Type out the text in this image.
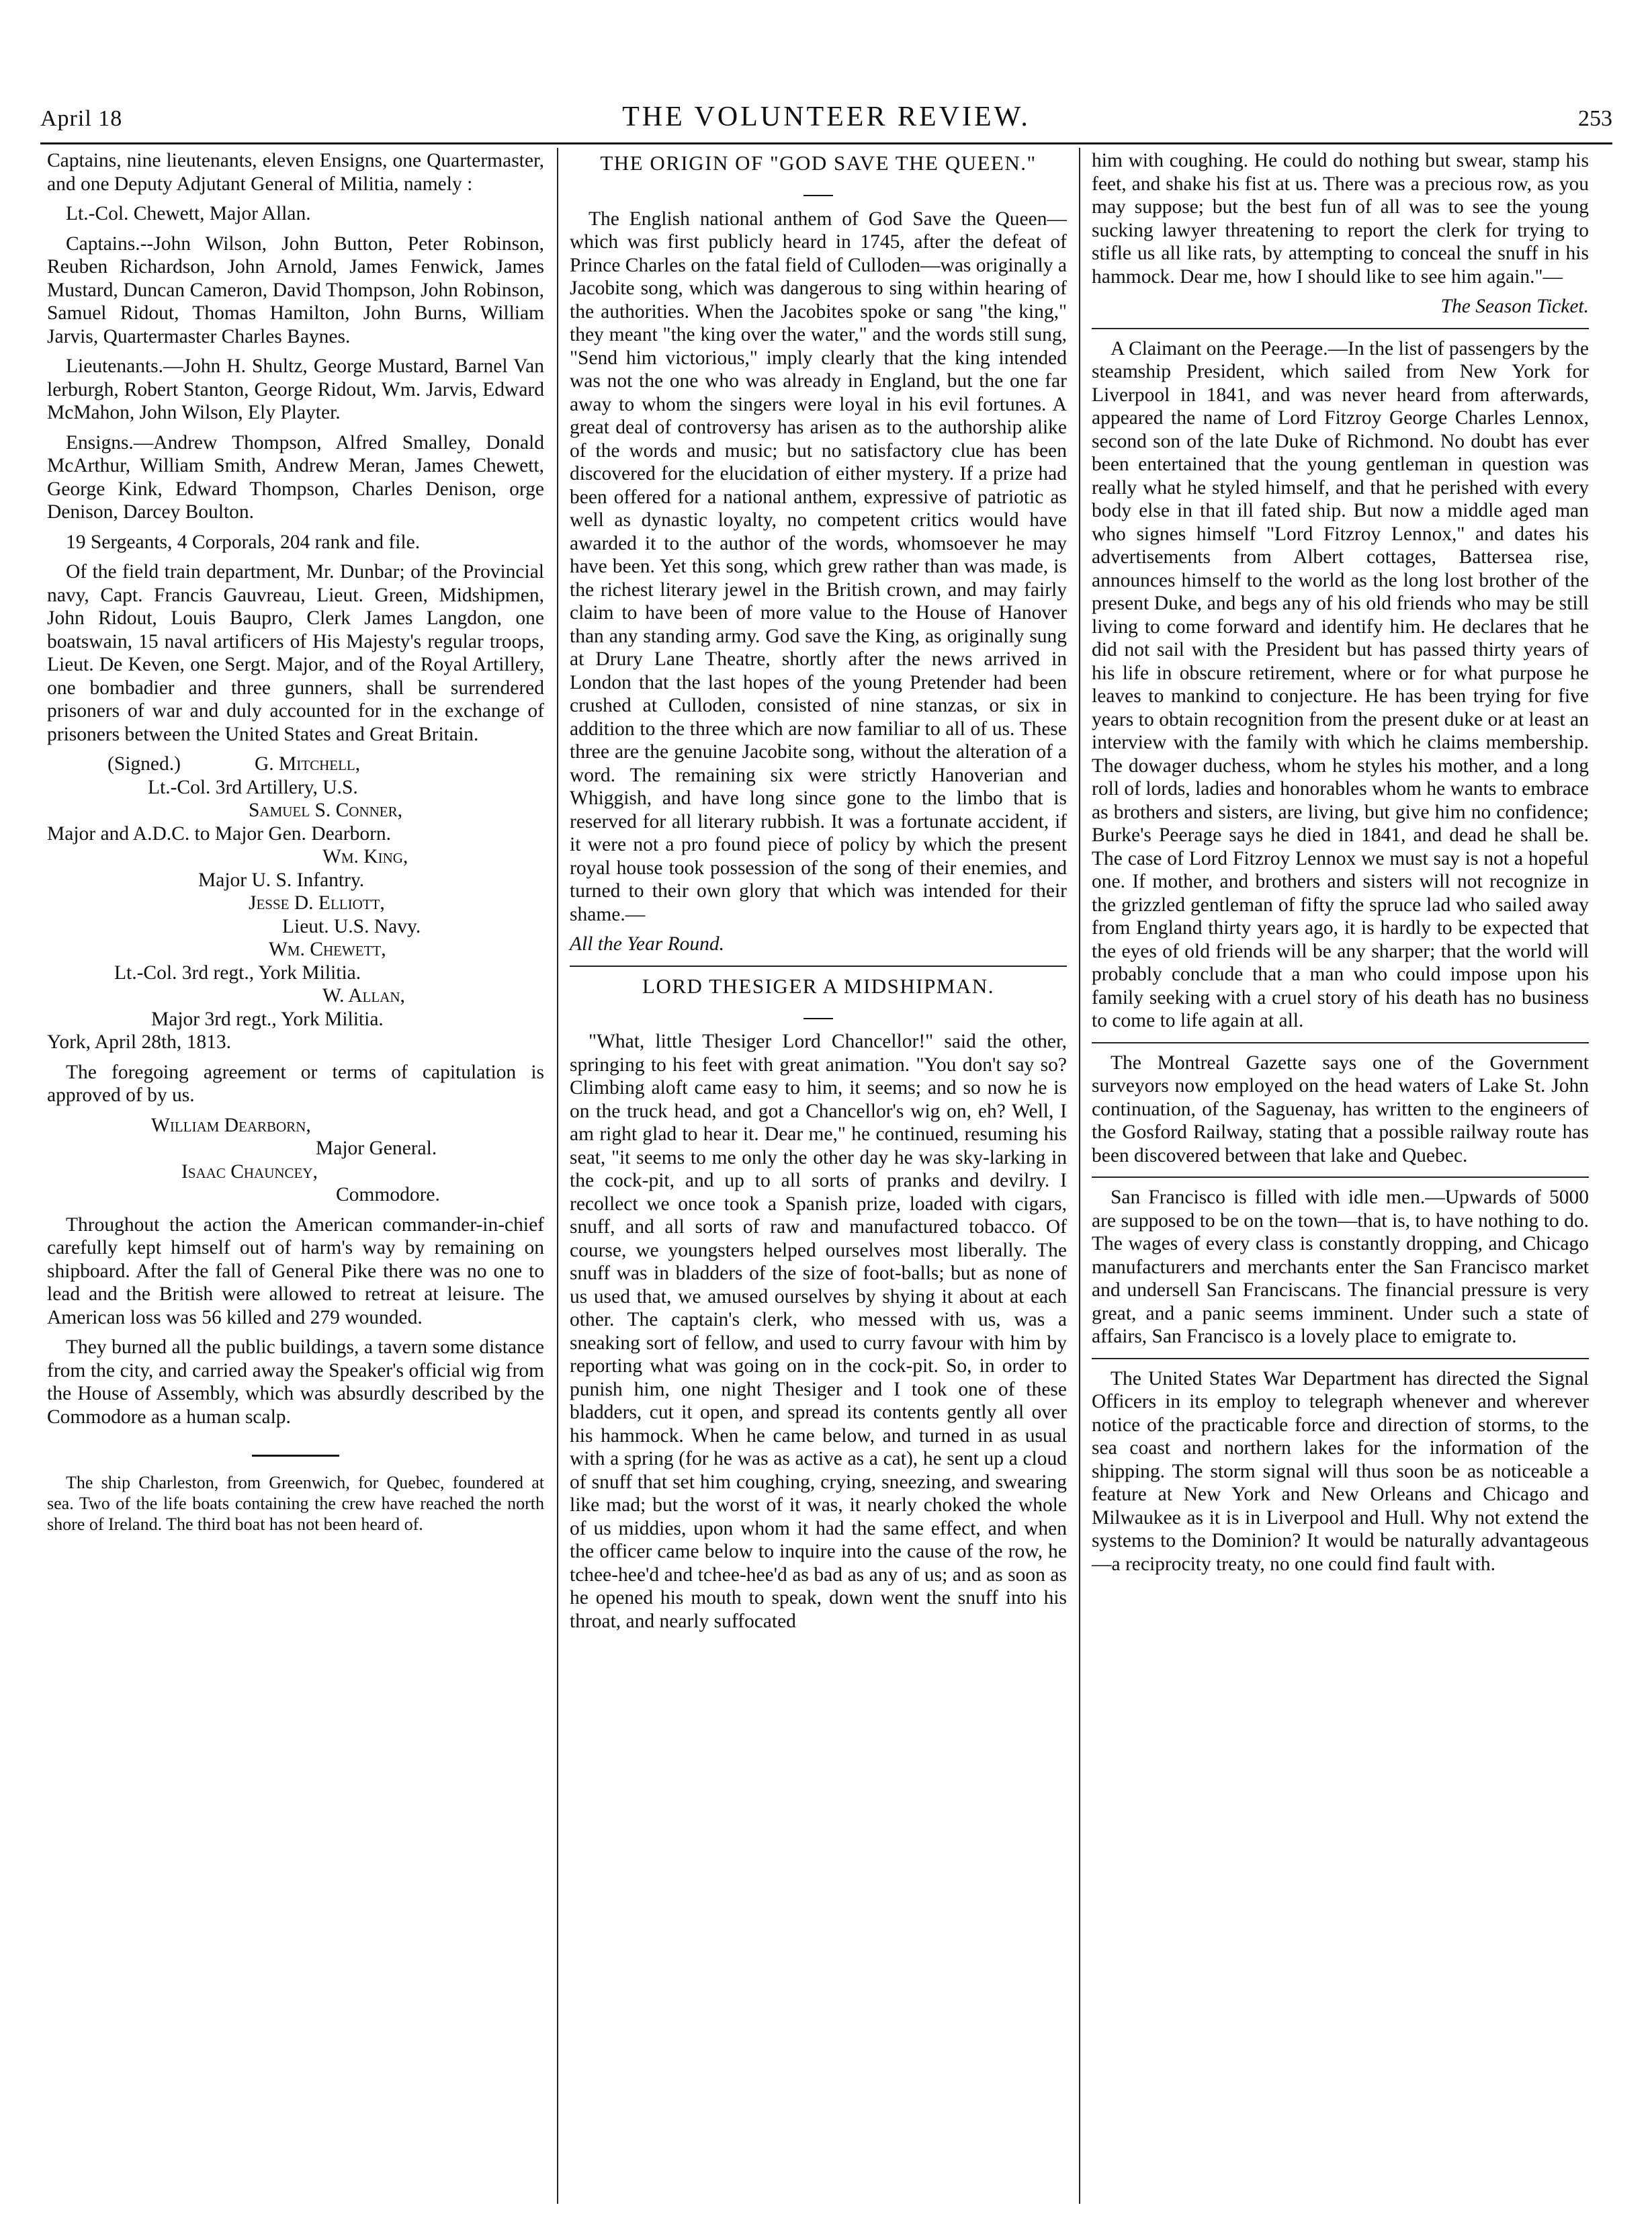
April 18	THE VOLUNTEER REVIEW.	253

Captains, nine lieutenants, eleven Ensigns, one Quartermaster, and one Deputy Adjutant General of Militia, namely :

Lt.-Col. Chewett, Major Allan.

Captains.--John Wilson, John Button, Peter Robinson, Reuben Richardson, John Arnold, James Fenwick, James Mustard, Duncan Cameron, David Thompson, John Robinson, Samuel Ridout, Thomas Hamilton, John Burns, William Jarvis, Quartermaster Charles Baynes.

Lieutenants.—John H. Shultz, George Mustard, Barnel Van lerburgh, Robert Stanton, George Ridout, Wm. Jarvis, Edward McMahon, John Wilson, Ely Playter.

Ensigns.—Andrew Thompson, Alfred Smalley, Donald McArthur, William Smith, Andrew Meran, James Chewett, George Kink, Edward Thompson, Charles Denison, orge Denison, Darcey Boulton.

19 Sergeants, 4 Corporals, 204 rank and file.

Of the field train department, Mr. Dunbar; of the Provincial navy, Capt. Francis Gauvreau, Lieut. Green, Midshipmen, John Ridout, Louis Baupro, Clerk James Langdon, one boatswain, 15 naval artificers of His Majesty's regular troops, Lieut. De Keven, one Sergt. Major, and of the Royal Artillery, one bombadier and three gunners, shall be surrendered prisoners of war and duly accounted for in the exchange of prisoners between the United States and Great Britain.

(Signed.)	G. Mitchell,
Lt.-Col. 3rd Artillery, U.S.
Samuel S. Conner,
Major and A.D.C. to Major Gen. Dearborn.
Wm. King,
Major U. S. Infantry.
Jesse D. Elliott,
Lieut. U.S. Navy.
Wm. Chewett,
Lt.-Col. 3rd regt., York Militia.
W. Allan,
Major 3rd regt., York Militia.

York, April 28th, 1813.

The foregoing agreement or terms of capitulation is approved of by us.

William Dearborn,
Major General.
Isaac Chauncey,
Commodore.

Throughout the action the American commander-in-chief carefully kept himself out of harm's way by remaining on shipboard. After the fall of General Pike there was no one to lead and the British were allowed to retreat at leisure. The American loss was 56 killed and 279 wounded.

They burned all the public buildings, a tavern some distance from the city, and carried away the Speaker's official wig from the House of Assembly, which was absurdly described by the Commodore as a human scalp.

The ship Charleston, from Greenwich, for Quebec, foundered at sea. Two of the life boats containing the crew have reached the north shore of Ireland. The third boat has not been heard of.

THE ORIGIN OF "GOD SAVE THE QUEEN."

The English national anthem of God Save the Queen—which was first publicly heard in 1745, after the defeat of Prince Charles on the fatal field of Culloden—was originally a Jacobite song, which was dangerous to sing within hearing of the authorities. When the Jacobites spoke or sang "the king," they meant "the king over the water," and the words still sung, "Send him victorious," imply clearly that the king intended was not the one who was already in England, but the one far away to whom the singers were loyal in his evil fortunes. A great deal of controversy has arisen as to the authorship alike of the words and music; but no satisfactory clue has been discovered for the elucidation of either mystery. If a prize had been offered for a national anthem, expressive of patriotic as well as dynastic loyalty, no competent critics would have awarded it to the author of the words, whomsoever he may have been. Yet this song, which grew rather than was made, is the richest literary jewel in the British crown, and may fairly claim to have been of more value to the House of Hanover than any standing army. God save the King, as originally sung at Drury Lane Theatre, shortly after the news arrived in London that the last hopes of the young Pretender had been crushed at Culloden, consisted of nine stanzas, or six in addition to the three which are now familiar to all of us. These three are the genuine Jacobite song, without the alteration of a word. The remaining six were strictly Hanoverian and Whiggish, and have long since gone to the limbo that is reserved for all literary rubbish. It was a fortunate accident, if it were not a pro found piece of policy by which the present royal house took possession of the song of their enemies, and turned to their own glory that which was intended for their shame.—

All the Year Round.

LORD THESIGER A MIDSHIPMAN.

"What, little Thesiger Lord Chancellor!" said the other, springing to his feet with great animation. "You don't say so? Climbing aloft came easy to him, it seems; and so now he is on the truck head, and got a Chancellor's wig on, eh? Well, I am right glad to hear it. Dear me," he continued, resuming his seat, "it seems to me only the other day he was sky-larking in the cock-pit, and up to all sorts of pranks and devilry. I recollect we once took a Spanish prize, loaded with cigars, snuff, and all sorts of raw and manufactured tobacco. Of course, we youngsters helped ourselves most liberally. The snuff was in bladders of the size of foot-balls; but as none of us used that, we amused ourselves by shying it about at each other. The captain's clerk, who messed with us, was a sneaking sort of fellow, and used to curry favour with him by reporting what was going on in the cock-pit. So, in order to punish him, one night Thesiger and I took one of these bladders, cut it open, and spread its contents gently all over his hammock. When he came below, and turned in as usual with a spring (for he was as active as a cat), he sent up a cloud of snuff that set him coughing, crying, sneezing, and swearing like mad; but the worst of it was, it nearly choked the whole of us middies, upon whom it had the same effect, and when the officer came below to inquire into the cause of the row, he tchee-hee'd and tchee-hee'd as bad as any of us; and as soon as he opened his mouth to speak, down went the snuff into his throat, and nearly suffocated

him with coughing. He could do nothing but swear, stamp his feet, and shake his fist at us. There was a precious row, as you may suppose; but the best fun of all was to see the young sucking lawyer threatening to report the clerk for trying to stifle us all like rats, by attempting to conceal the snuff in his hammock. Dear me, how I should like to see him again."—

The Season Ticket.

A Claimant on the Peerage.—In the list of passengers by the steamship President, which sailed from New York for Liverpool in 1841, and was never heard from afterwards, appeared the name of Lord Fitzroy George Charles Lennox, second son of the late Duke of Richmond. No doubt has ever been entertained that the young gentleman in question was really what he styled himself, and that he perished with every body else in that ill fated ship. But now a middle aged man who signes himself "Lord Fitzroy Lennox," and dates his advertisements from Albert cottages, Battersea rise, announces himself to the world as the long lost brother of the present Duke, and begs any of his old friends who may be still living to come forward and identify him. He declares that he did not sail with the President but has passed thirty years of his life in obscure retirement, where or for what purpose he leaves to mankind to conjecture. He has been trying for five years to obtain recognition from the present duke or at least an interview with the family with which he claims membership. The dowager duchess, whom he styles his mother, and a long roll of lords, ladies and honorables whom he wants to embrace as brothers and sisters, are living, but give him no confidence; Burke's Peerage says he died in 1841, and dead he shall be. The case of Lord Fitzroy Lennox we must say is not a hopeful one. If mother, and brothers and sisters will not recognize in the grizzled gentleman of fifty the spruce lad who sailed away from England thirty years ago, it is hardly to be expected that the eyes of old friends will be any sharper; that the world will probably conclude that a man who could impose upon his family seeking with a cruel story of his death has no business to come to life again at all.

The Montreal Gazette says one of the Government surveyors now employed on the head waters of Lake St. John continuation, of the Saguenay, has written to the engineers of the Gosford Railway, stating that a possible railway route has been discovered between that lake and Quebec.

San Francisco is filled with idle men.—Upwards of 5000 are supposed to be on the town—that is, to have nothing to do. The wages of every class is constantly dropping, and Chicago manufacturers and merchants enter the San Francisco market and undersell San Franciscans. The financial pressure is very great, and a panic seems imminent. Under such a state of affairs, San Francisco is a lovely place to emigrate to.

The United States War Department has directed the Signal Officers in its employ to telegraph whenever and wherever notice of the practicable force and direction of storms, to the sea coast and northern lakes for the information of the shipping. The storm signal will thus soon be as noticeable a feature at New York and New Orleans and Chicago and Milwaukee as it is in Liverpool and Hull. Why not extend the systems to the Dominion? It would be naturally advantageous—a reciprocity treaty, no one could find fault with.
